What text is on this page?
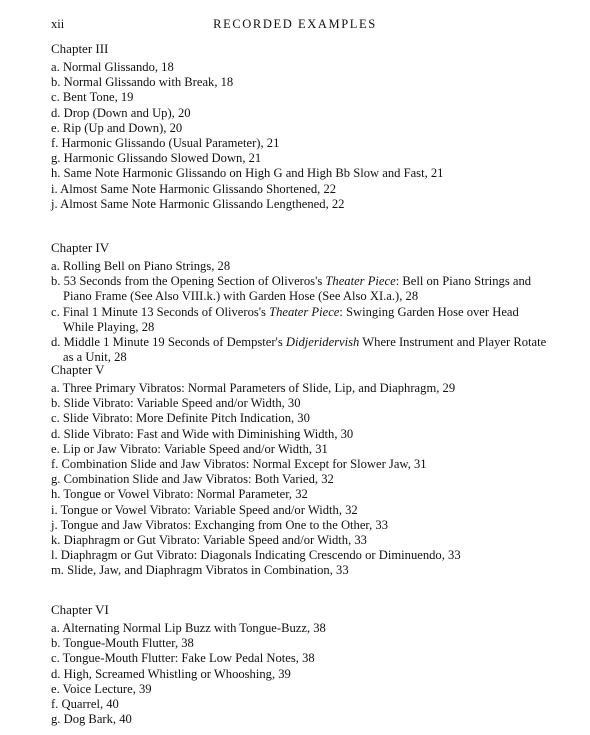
xii	RECORDED EXAMPLES
Chapter III
a. Normal Glissando, 18
b. Normal Glissando with Break, 18
c. Bent Tone, 19
d. Drop (Down and Up), 20
e. Rip (Up and Down), 20
f. Harmonic Glissando (Usual Parameter), 21
g. Harmonic Glissando Slowed Down, 21
h. Same Note Harmonic Glissando on High G and High Bb Slow and Fast, 21
i. Almost Same Note Harmonic Glissando Shortened, 22
j. Almost Same Note Harmonic Glissando Lengthened, 22
Chapter IV
a. Rolling Bell on Piano Strings, 28
b. 53 Seconds from the Opening Section of Oliveros's Theater Piece: Bell on Piano Strings and Piano Frame (See Also VIII.k.) with Garden Hose (See Also XI.a.), 28
c. Final 1 Minute 13 Seconds of Oliveros's Theater Piece: Swinging Garden Hose over Head While Playing, 28
d. Middle 1 Minute 19 Seconds of Dempster's Didjeridervish Where Instrument and Player Rotate as a Unit, 28
Chapter V
a. Three Primary Vibratos: Normal Parameters of Slide, Lip, and Diaphragm, 29
b. Slide Vibrato: Variable Speed and/or Width, 30
c. Slide Vibrato: More Definite Pitch Indication, 30
d. Slide Vibrato: Fast and Wide with Diminishing Width, 30
e. Lip or Jaw Vibrato: Variable Speed and/or Width, 31
f. Combination Slide and Jaw Vibratos: Normal Except for Slower Jaw, 31
g. Combination Slide and Jaw Vibratos: Both Varied, 32
h. Tongue or Vowel Vibrato: Normal Parameter, 32
i. Tongue or Vowel Vibrato: Variable Speed and/or Width, 32
j. Tongue and Jaw Vibratos: Exchanging from One to the Other, 33
k. Diaphragm or Gut Vibrato: Variable Speed and/or Width, 33
l. Diaphragm or Gut Vibrato: Diagonals Indicating Crescendo or Diminuendo, 33
m. Slide, Jaw, and Diaphragm Vibratos in Combination, 33
Chapter VI
a. Alternating Normal Lip Buzz with Tongue-Buzz, 38
b. Tongue-Mouth Flutter, 38
c. Tongue-Mouth Flutter: Fake Low Pedal Notes, 38
d. High, Screamed Whistling or Whooshing, 39
e. Voice Lecture, 39
f. Quarrel, 40
g. Dog Bark, 40
